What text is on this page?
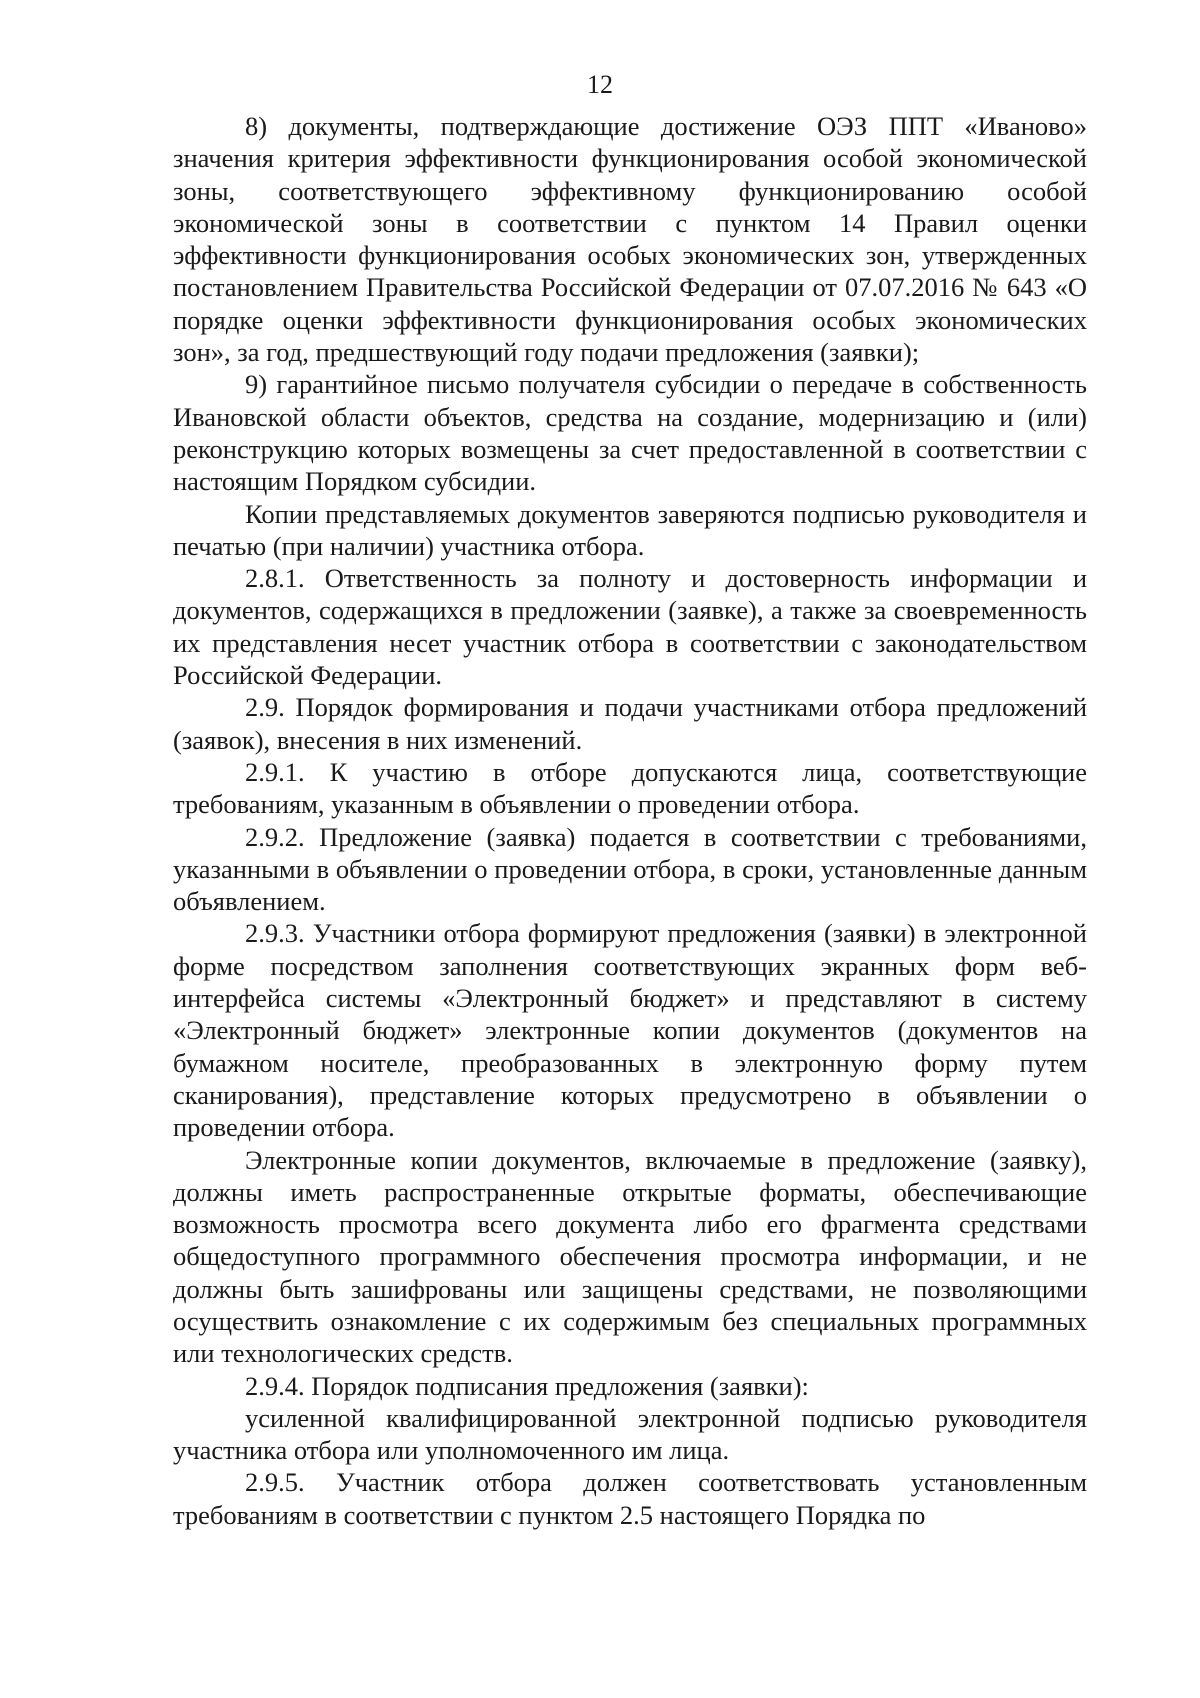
12

8) документы, подтверждающие достижение ОЭЗ ППТ «Иваново» значения критерия эффективности функционирования особой экономической зоны, соответствующего эффективному функционированию особой экономической зоны в соответствии с пунктом 14 Правил оценки эффективности функционирования особых экономических зон, утвержденных постановлением Правительства Российской Федерации от 07.07.2016 № 643 «О порядке оценки эффективности функционирования особых экономических зон», за год, предшествующий году подачи предложения (заявки);

9) гарантийное письмо получателя субсидии о передаче в собственность Ивановской области объектов, средства на создание, модернизацию и (или) реконструкцию которых возмещены за счет предоставленной в соответствии с настоящим Порядком субсидии.

Копии представляемых документов заверяются подписью руководителя и печатью (при наличии) участника отбора.

2.8.1. Ответственность за полноту и достоверность информации и документов, содержащихся в предложении (заявке), а также за своевременность их представления несет участник отбора в соответствии с законодательством Российской Федерации.

2.9. Порядок формирования и подачи участниками отбора предложений (заявок), внесения в них изменений.

2.9.1. К участию в отборе допускаются лица, соответствующие требованиям, указанным в объявлении о проведении отбора.

2.9.2. Предложение (заявка) подается в соответствии с требованиями, указанными в объявлении о проведении отбора, в сроки, установленные данным объявлением.

2.9.3. Участники отбора формируют предложения (заявки) в электронной форме посредством заполнения соответствующих экранных форм веб-интерфейса системы «Электронный бюджет» и представляют в систему «Электронный бюджет» электронные копии документов (документов на бумажном носителе, преобразованных в электронную форму путем сканирования), представление которых предусмотрено в объявлении о проведении отбора.

Электронные копии документов, включаемые в предложение (заявку), должны иметь распространенные открытые форматы, обеспечивающие возможность просмотра всего документа либо его фрагмента средствами общедоступного программного обеспечения просмотра информации, и не должны быть зашифрованы или защищены средствами, не позволяющими осуществить ознакомление с их содержимым без специальных программных или технологических средств.

2.9.4. Порядок подписания предложения (заявки):

усиленной квалифицированной электронной подписью руководителя участника отбора или уполномоченного им лица.

2.9.5. Участник отбора должен соответствовать установленным требованиям в соответствии с пунктом 2.5 настоящего Порядка по
